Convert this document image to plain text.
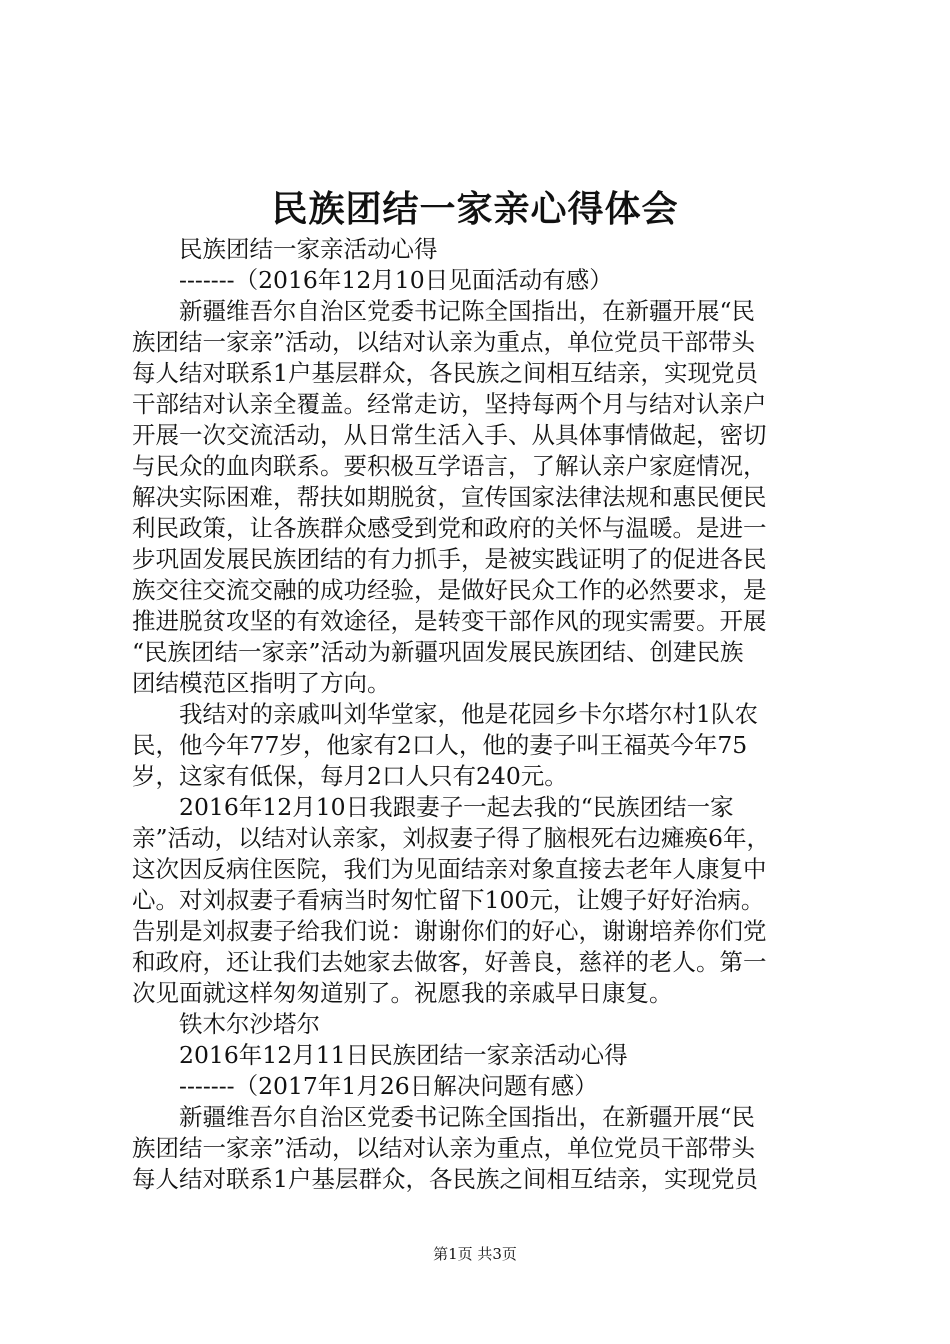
民族团结一家亲心得体会
民族团结一家亲活动心得
-------（2016年12月10日见面活动有感）
新疆维吾尔自治区党委书记陈全国指出，在新疆开展“民
族团结一家亲”活动，以结对认亲为重点，单位党员干部带头
每人结对联系1户基层群众，各民族之间相互结亲，实现党员
干部结对认亲全覆盖。经常走访，坚持每两个月与结对认亲户
开展一次交流活动，从日常生活入手、从具体事情做起，密切
与民众的血肉联系。要积极互学语言，了解认亲户家庭情况，
解决实际困难，帮扶如期脱贫，宣传国家法律法规和惠民便民
利民政策，让各族群众感受到党和政府的关怀与温暖。是进一
步巩固发展民族团结的有力抓手，是被实践证明了的促进各民
族交往交流交融的成功经验，是做好民众工作的必然要求，是
推进脱贫攻坚的有效途径，是转变干部作风的现实需要。开展
“民族团结一家亲”活动为新疆巩固发展民族团结、创建民族
团结模范区指明了方向。
我结对的亲戚叫刘华堂家，他是花园乡卡尔塔尔村1队农
民，他今年77岁，他家有2口人，他的妻子叫王福英今年75
岁，这家有低保，每月2口人只有240元。
2016年12月10日我跟妻子一起去我的“民族团结一家
亲”活动，以结对认亲家，刘叔妻子得了脑根死右边瘫痪6年，
这次因反病住医院，我们为见面结亲对象直接去老年人康复中
心。对刘叔妻子看病当时匆忙留下100元，让嫂子好好治病。
告别是刘叔妻子给我们说：谢谢你们的好心，谢谢培养你们党
和政府，还让我们去她家去做客，好善良，慈祥的老人。第一
次见面就这样匆匆道别了。祝愿我的亲戚早日康复。
铁木尔沙塔尔
2016年12月11日民族团结一家亲活动心得
-------（2017年1月26日解决问题有感）
新疆维吾尔自治区党委书记陈全国指出，在新疆开展“民
族团结一家亲”活动，以结对认亲为重点，单位党员干部带头
每人结对联系1户基层群众，各民族之间相互结亲，实现党员
第1页 共3页
